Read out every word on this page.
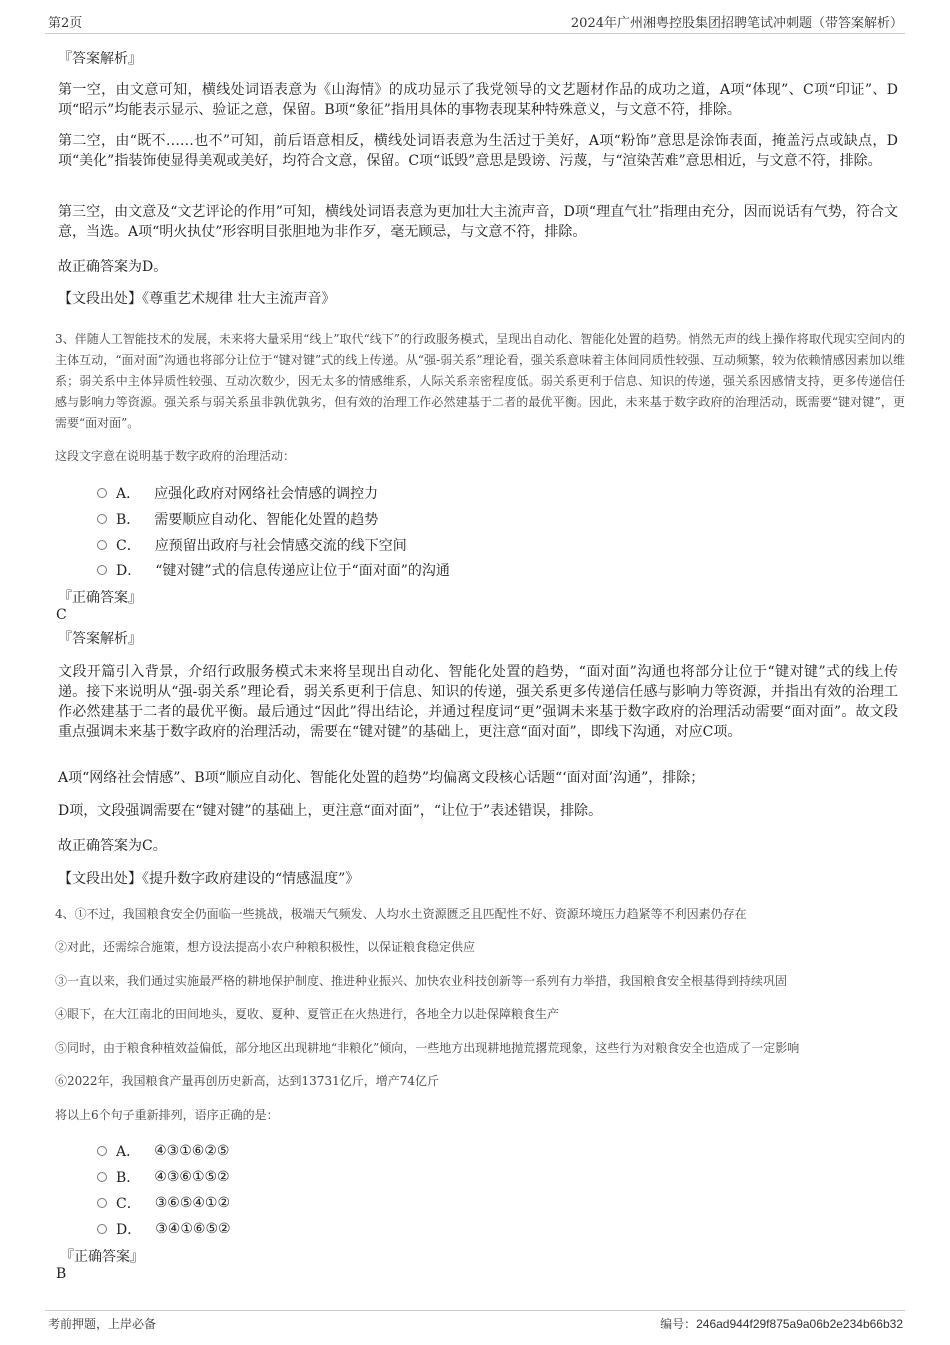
第2页	2024年广州湘粤控股集团招聘笔试冲刺题（带答案解析）
『答案解析』
第一空，由文意可知，横线处词语表意为《山海情》的成功显示了我党领导的文艺题材作品的成功之道，A项“体现”、C项“印证”、D项“昭示”均能表示显示、验证之意，保留。B项“象征”指用具体的事物表现某种特殊意义，与文意不符，排除。
第二空，由“既不……也不”可知，前后语意相反，横线处词语表意为生活过于美好，A项“粉饰”意思是涂饰表面，掩盖污点或缺点，D项“美化”指装饰使显得美观或美好，均符合文意，保留。C项“诋毁”意思是毁谤、污蔑，与“渲染苦难”意思相近，与文意不符，排除。
第三空，由文意及“文艺评论的作用”可知，横线处词语表意为更加壮大主流声音，D项“理直气壮”指理由充分，因而说话有气势，符合文意，当选。A项“明火执仗”形容明目张胆地为非作歹，毫无顾忌，与文意不符，排除。
故正确答案为D。
【文段出处】《尊重艺术规律 壮大主流声音》
3、伴随人工智能技术的发展，未来将大量采用“线上”取代“线下”的行政服务模式，呈现出自动化、智能化处置的趋势。悄然无声的线上操作将取代现实空间内的主体互动，“面对面”沟通也将部分让位于“键对键”式的线上传递。从“强-弱关系”理论看，强关系意味着主体间同质性较强、互动频繁，较为依赖情感因素加以维系；弱关系中主体异质性较强、互动次数少，因无太多的情感维系，人际关系亲密程度低。弱关系更利于信息、知识的传递，强关系因感情支持，更多传递信任感与影响力等资源。强关系与弱关系虽非孰优孰劣，但有效的治理工作必然建基于二者的最优平衡。因此，未来基于数字政府的治理活动，既需要“键对键”，更需要“面对面”。
这段文字意在说明基于数字政府的治理活动：
A． 应强化政府对网络社会情感的调控力
B． 需要顺应自动化、智能化处置的趋势
C． 应预留出政府与社会情感交流的线下空间
D． “键对键”式的信息传递应让位于“面对面”的沟通
『正确答案』
C
『答案解析』
文段开篇引入背景，介绍行政服务模式未来将呈现出自动化、智能化处置的趋势，“面对面”沟通也将部分让位于“键对键”式的线上传递。接下来说明从“强-弱关系”理论看，弱关系更利于信息、知识的传递，强关系更多传递信任感与影响力等资源，并指出有效的治理工作必然建基于二者的最优平衡。最后通过“因此”得出结论，并通过程度词“更”强调未来基于数字政府的治理活动需要“面对面”。故文段重点强调未来基于数字政府的治理活动，需要在“键对键”的基础上，更注意“面对面”，即线下沟通，对应C项。
A项“网络社会情感”、B项“顺应自动化、智能化处置的趋势”均偏离文段核心话题“‘面对面’沟通”，排除；
D项，文段强调需要在“键对键”的基础上，更注意“面对面”，“让位于”表述错误，排除。
故正确答案为C。
【文段出处】《提升数字政府建设的“情感温度”》
4、①不过，我国粮食安全仍面临一些挑战，极端天气频发、人均水土资源匮乏且匹配性不好、资源环境压力趋紧等不利因素仍存在
②对此，还需综合施策，想方设法提高小农户种粮积极性，以保证粮食稳定供应
③一直以来，我们通过实施最严格的耕地保护制度、推进种业振兴、加快农业科技创新等一系列有力举措，我国粮食安全根基得到持续巩固
④眼下，在大江南北的田间地头，夏收、夏种、夏管正在火热进行，各地全力以赴保障粮食生产
⑤同时，由于粮食种植效益偏低，部分地区出现耕地“非粮化”倾向，一些地方出现耕地抛荒撂荒现象，这些行为对粮食安全也造成了一定影响
⑥2022年，我国粮食产量再创历史新高，达到13731亿斤，增产74亿斤
将以上6个句子重新排列，语序正确的是：
A． ④③①⑥②⑤
B． ④③⑥①⑤②
C． ③⑥⑤④①②
D． ③④①⑥⑤②
『正确答案』
B
考前押题，上岸必备	编号：246ad944f29f875a9a06b2e234b66b32
